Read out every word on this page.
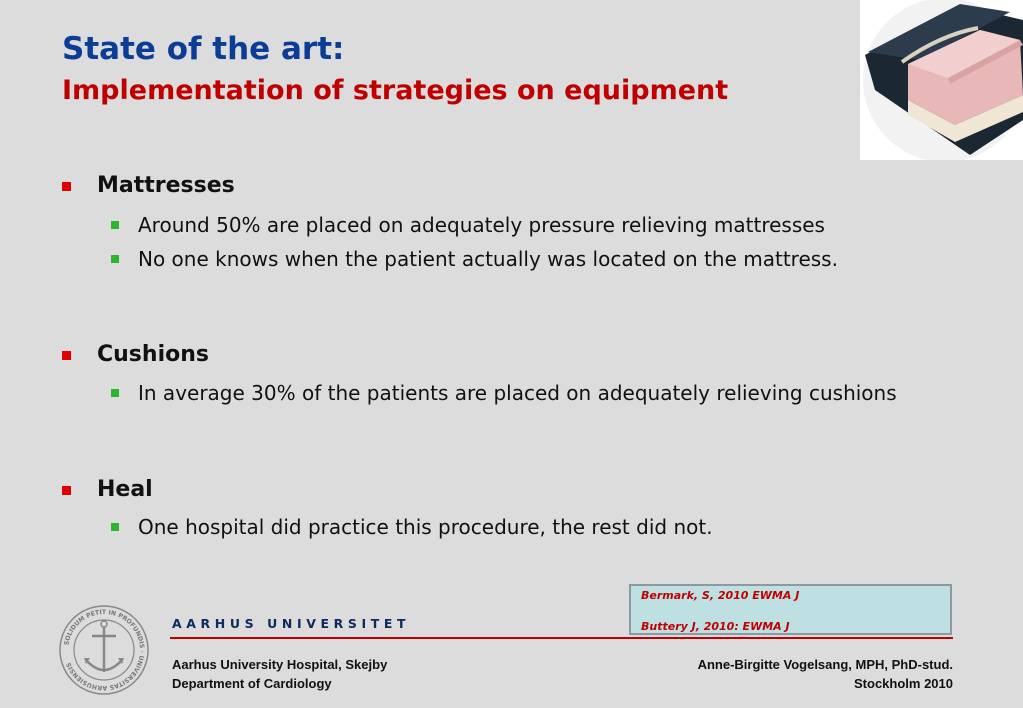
State of the art:
Implementation of strategies on equipment
Mattresses
Around 50% are placed on adequately pressure relieving mattresses
No one knows when the patient actually was located on the mattress.
Cushions
In average 30% of the patients are placed on adequately relieving cushions
Heal
One hospital did practice this procedure, the rest did not.
Bermark, S, 2010 EWMA J
Buttery J, 2010: EWMA J
AARHUS UNIVERSITET
SOLIDUM PETIT IN PROFUNDIS · UNIVERSITAS ARHUSIENSIS	Aarhus University Hospital, Skejby
Department of Cardiology
Anne-Birgitte Vogelsang, MPH, PhD-stud.
Stockholm 2010
